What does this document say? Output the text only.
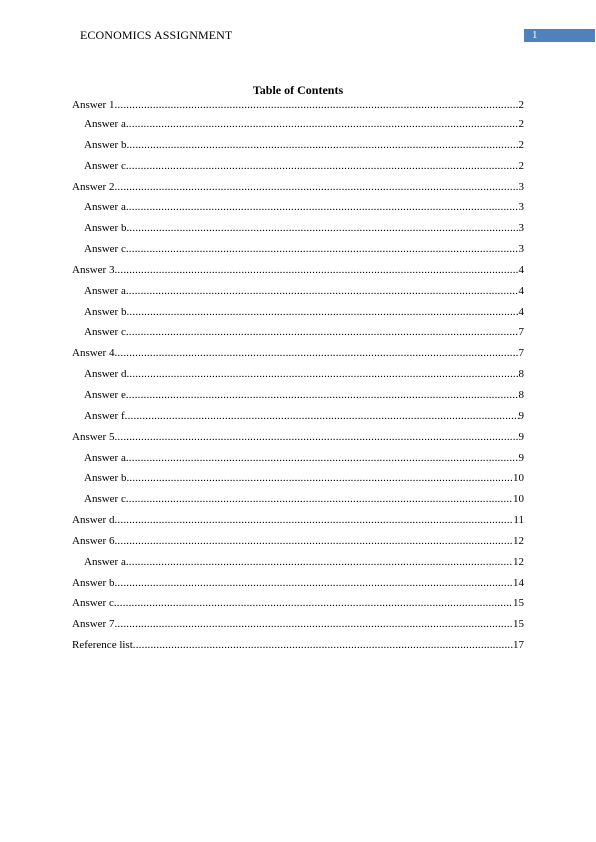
ECONOMICS ASSIGNMENT	1
Table of Contents
Answer 1 .....	2
Answer a .....	2
Answer b .....	2
Answer c .....	2
Answer 2 .....	3
Answer a .....	3
Answer b .....	3
Answer c .....	3
Answer 3 .....	4
Answer a .....	4
Answer b .....	4
Answer c .....	7
Answer 4 .....	7
Answer d .....	8
Answer e .....	8
Answer f .....	9
Answer 5 .....	9
Answer a .....	9
Answer b .....	10
Answer c .....	10
Answer d .....	11
Answer 6 .....	12
Answer a .....	12
Answer b .....	14
Answer c .....	15
Answer 7 .....	15
Reference list .....	17
